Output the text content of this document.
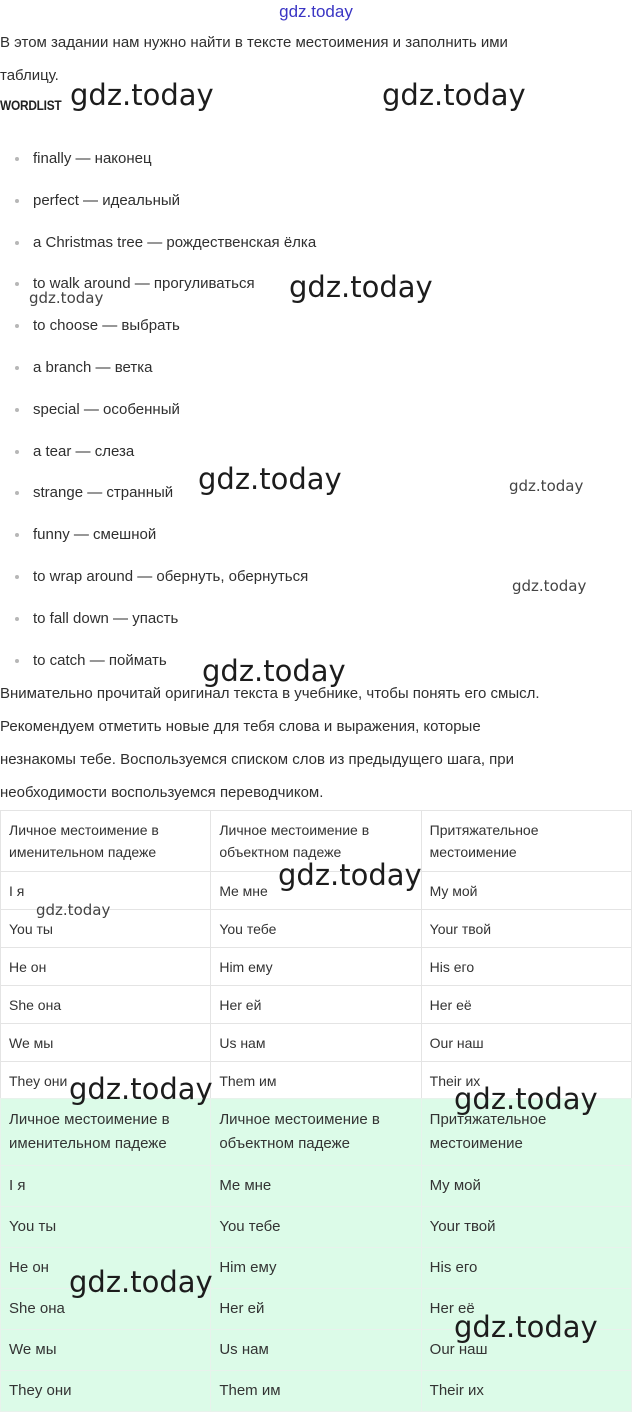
gdz.today
В этом задании нам нужно найти в тексте местоимения и заполнить ими
таблицу.
WORDLIST
finally — наконец
perfect — идеальный
a Christmas tree — рождественская ёлка
to walk around — прогуливаться
to choose — выбрать
a branch — ветка
special — особенный
a tear — слеза
strange — странный
funny — смешной
to wrap around — обернуть, обернуться
to fall down — упасть
to catch — поймать
Внимательно прочитай оригинал текста в учебнике, чтобы понять его смысл.
Рекомендуем отметить новые для тебя слова и выражения, которые
незнакомы тебе. Воспользуемся списком слов из предыдущего шага, при
необходимости воспользуемся переводчиком.
Личное местоимение в
именительном падеже	Личное местоимение в
объектном падеже	Притяжательное
местоимение
I я	Me мне	My мой
You ты	You тебе	Your твой
He он	Him ему	His его
She она	Her ей	Her её
We мы	Us нам	Our наш
They они	Them им	Their их
Личное местоимение в
именительном падеже	Личное местоимение в
объектном падеже	Притяжательное
местоимение
I я	Me мне	My мой
You ты	You тебе	Your твой
He он	Him ему	His его
She она	Her ей	Her её
We мы	Us нам	Our наш
They они	Them им	Their их
gdz.today	gdz.today
gdz.today
gdz.today
gdz.today	gdz.today
gdz.today
gdz.today
gdz.today
gdz.today
gdz.today	gdz.today
gdz.today
gdz.today
